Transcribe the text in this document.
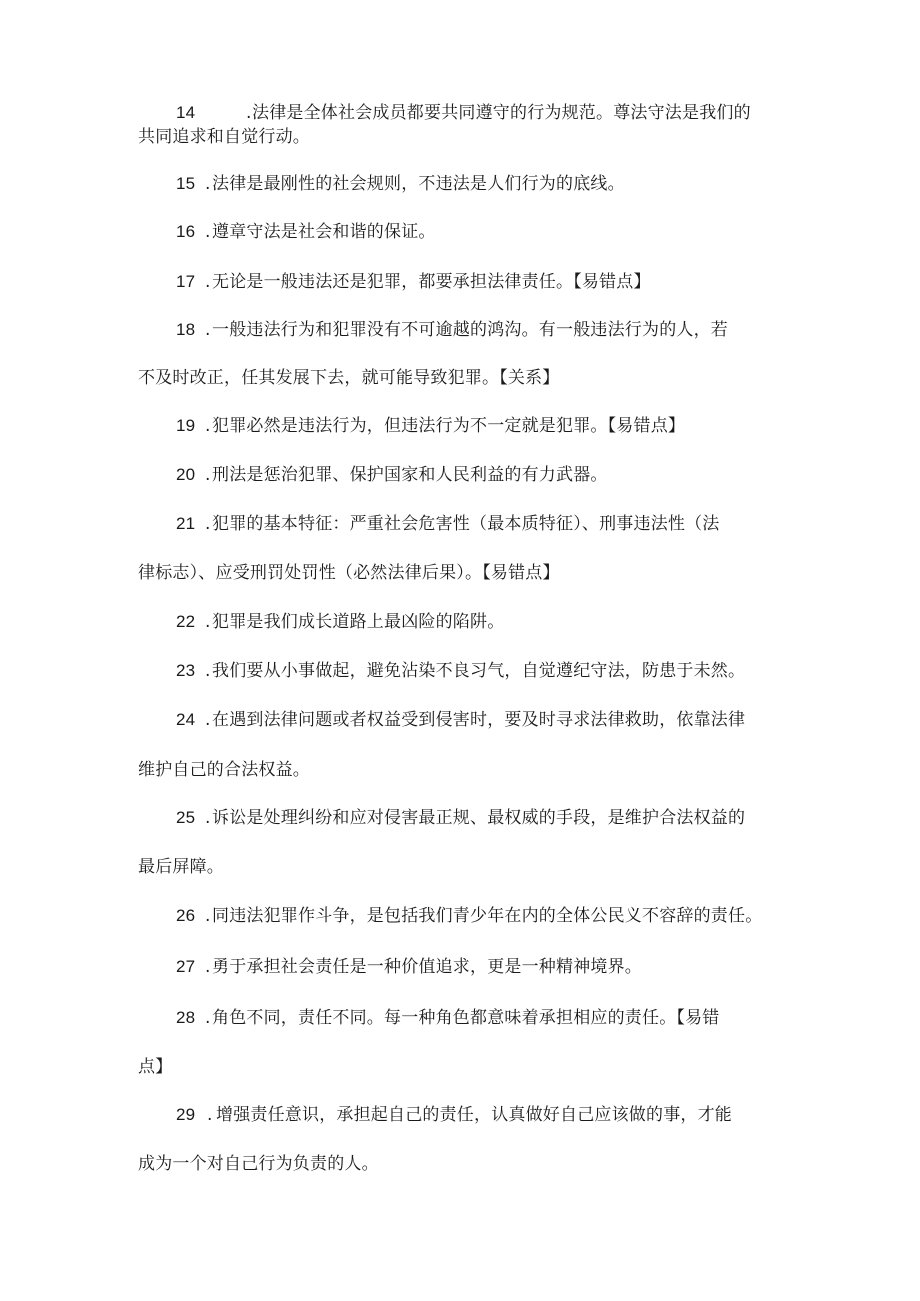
14	. 法律是全体社会成员都要共同遵守的行为规范。尊法守法是我们的
共同追求和自觉行动。
15 . 法律是最刚性的社会规则，不违法是人们行为的底线。
16 . 遵章守法是社会和谐的保证。
17 . 无论是一般违法还是犯罪，都要承担法律责任。【易错点】
18 . 一般违法行为和犯罪没有不可逾越的鸿沟。有一般违法行为的人，若
不及时改正，任其发展下去，就可能导致犯罪。【关系】
19 . 犯罪必然是违法行为，但违法行为不一定就是犯罪。【易错点】
20 . 刑法是惩治犯罪、保护国家和人民利益的有力武器。
21 . 犯罪的基本特征：严重社会危害性（最本质特征）、刑事违法性（法
律标志）、应受刑罚处罚性（必然法律后果）。【易错点】
22 . 犯罪是我们成长道路上最凶险的陷阱。
23 . 我们要从小事做起，避免沾染不良习气，自觉遵纪守法，防患于未然。
24 . 在遇到法律问题或者权益受到侵害时，要及时寻求法律救助，依靠法律
维护自己的合法权益。
25 . 诉讼是处理纠纷和应对侵害最正规、最权威的手段，是维护合法权益的
最后屏障。
26 . 同违法犯罪作斗争，是包括我们青少年在内的全体公民义不容辞的责任。
27 . 勇于承担社会责任是一种价值追求，更是一种精神境界。
28 . 角色不同，责任不同。每一种角色都意味着承担相应的责任。【易错
点】
29 . 增强责任意识，承担起自己的责任，认真做好自己应该做的事，才能
成为一个对自己行为负责的人。
